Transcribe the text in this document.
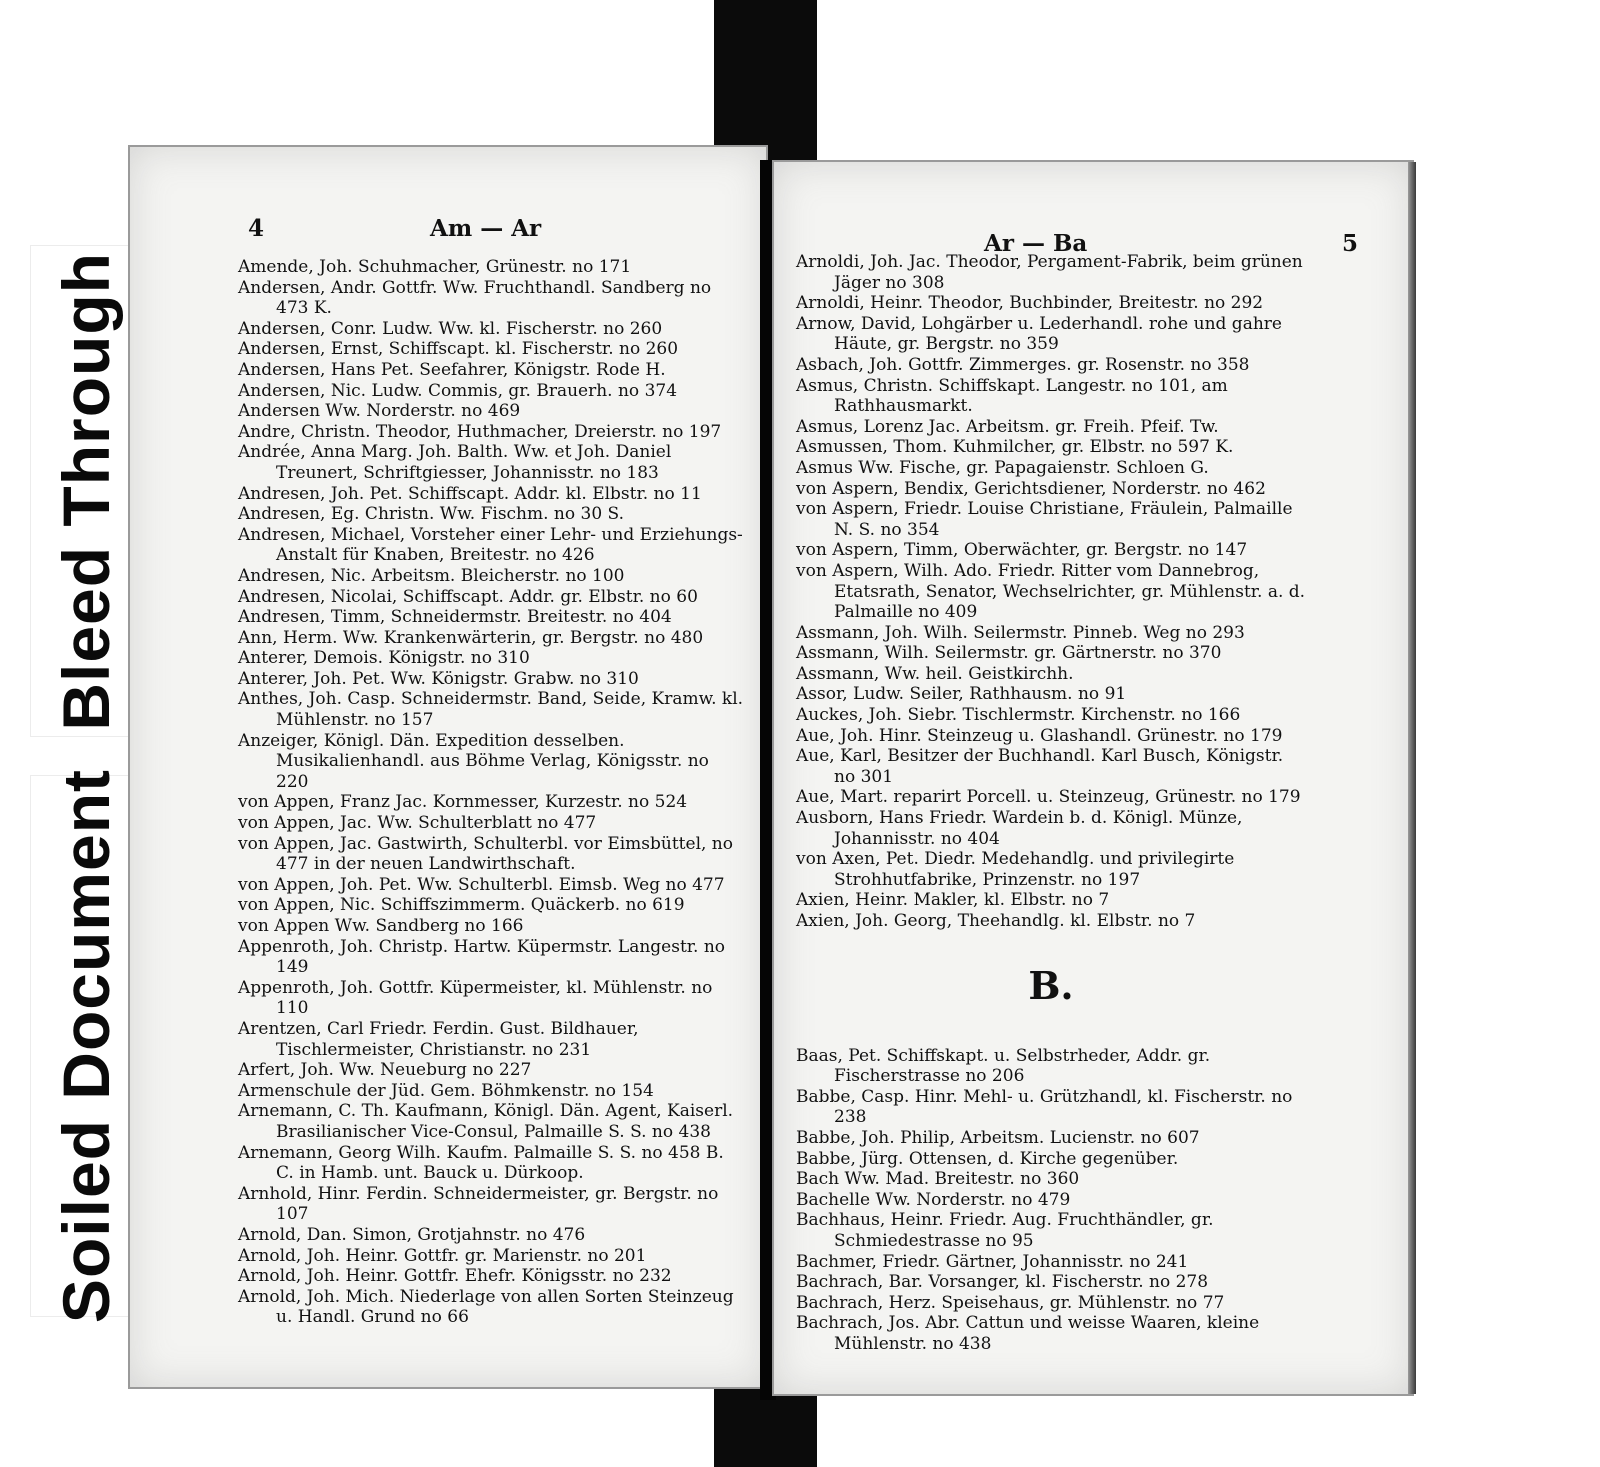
Bleed Through
Soiled Document
4	Am — Ar

Amende, Joh. Schuhmacher, Grünestr. no 171

Andersen, Andr. Gottfr. Ww. Fruchthandl. Sandberg no 473 K.

Andersen, Conr. Ludw. Ww. kl. Fischerstr. no 260

Andersen, Ernst, Schiffscapt. kl. Fischerstr. no 260

Andersen, Hans Pet. Seefahrer, Königstr. Rode H.

Andersen, Nic. Ludw. Commis, gr. Brauerh. no 374

Andersen Ww. Norderstr. no 469

Andre, Christn. Theodor, Huthmacher, Dreierstr. no 197

Andrée, Anna Marg. Joh. Balth. Ww. et Joh. Daniel Treunert, Schriftgiesser, Johannisstr. no 183

Andresen, Joh. Pet. Schiffscapt. Addr. kl. Elbstr. no 11

Andresen, Eg. Christn. Ww. Fischm. no 30 S.

Andresen, Michael, Vorsteher einer Lehr- und Erziehungs-Anstalt für Knaben, Breitestr. no 426

Andresen, Nic. Arbeitsm. Bleicherstr. no 100

Andresen, Nicolai, Schiffscapt. Addr. gr. Elbstr. no 60

Andresen, Timm, Schneidermstr. Breitestr. no 404

Ann, Herm. Ww. Krankenwärterin, gr. Bergstr. no 480

Anterer, Demois. Königstr. no 310

Anterer, Joh. Pet. Ww. Königstr. Grabw. no 310

Anthes, Joh. Casp. Schneidermstr. Band, Seide, Kramw. kl. Mühlenstr. no 157

Anzeiger, Königl. Dän. Expedition desselben. Musikalienhandl. aus Böhme Verlag, Königsstr. no 220

von Appen, Franz Jac. Kornmesser, Kurzestr. no 524

von Appen, Jac. Ww. Schulterblatt no 477

von Appen, Jac. Gastwirth, Schulterbl. vor Eimsbüttel, no 477 in der neuen Landwirthschaft.

von Appen, Joh. Pet. Ww. Schulterbl. Eimsb. Weg no 477

von Appen, Nic. Schiffszimmerm. Quäckerb. no 619

von Appen Ww. Sandberg no 166

Appenroth, Joh. Christp. Hartw. Küpermstr. Langestr. no 149

Appenroth, Joh. Gottfr. Küpermeister, kl. Mühlenstr. no 110

Arentzen, Carl Friedr. Ferdin. Gust. Bildhauer, Tischlermeister, Christianstr. no 231

Arfert, Joh. Ww. Neueburg no 227

Armenschule der Jüd. Gem. Böhmkenstr. no 154

Arnemann, C. Th. Kaufmann, Königl. Dän. Agent, Kaiserl. Brasilianischer Vice-Consul, Palmaille S. S. no 438

Arnemann, Georg Wilh. Kaufm. Palmaille S. S. no 458 B. C. in Hamb. unt. Bauck u. Dürkoop.

Arnhold, Hinr. Ferdin. Schneidermeister, gr. Bergstr. no 107

Arnold, Dan. Simon, Grotjahnstr. no 476

Arnold, Joh. Heinr. Gottfr. gr. Marienstr. no 201

Arnold, Joh. Heinr. Gottfr. Ehefr. Königsstr. no 232

Arnold, Joh. Mich. Niederlage von allen Sorten Steinzeug u. Handl. Grund no 66

Ar — Ba	5

Arnoldi, Joh. Jac. Theodor, Pergament-Fabrik, beim grünen Jäger no 308

Arnoldi, Heinr. Theodor, Buchbinder, Breitestr. no 292

Arnow, David, Lohgärber u. Lederhandl. rohe und gahre Häute, gr. Bergstr. no 359

Asbach, Joh. Gottfr. Zimmerges. gr. Rosenstr. no 358

Asmus, Christn. Schiffskapt. Langestr. no 101, am Rathhausmarkt.

Asmus, Lorenz Jac. Arbeitsm. gr. Freih. Pfeif. Tw.

Asmussen, Thom. Kuhmilcher, gr. Elbstr. no 597 K.

Asmus Ww. Fische, gr. Papagaienstr. Schloen G.

von Aspern, Bendix, Gerichtsdiener, Norderstr. no 462

von Aspern, Friedr. Louise Christiane, Fräulein, Palmaille N. S. no 354

von Aspern, Timm, Oberwächter, gr. Bergstr. no 147

von Aspern, Wilh. Ado. Friedr. Ritter vom Dannebrog, Etatsrath, Senator, Wechselrichter, gr. Mühlenstr. a. d. Palmaille no 409

Assmann, Joh. Wilh. Seilermstr. Pinneb. Weg no 293

Assmann, Wilh. Seilermstr. gr. Gärtnerstr. no 370

Assmann, Ww. heil. Geistkirchh.

Assor, Ludw. Seiler, Rathhausm. no 91

Auckes, Joh. Siebr. Tischlermstr. Kirchenstr. no 166

Aue, Joh. Hinr. Steinzeug u. Glashandl. Grünestr. no 179

Aue, Karl, Besitzer der Buchhandl. Karl Busch, Königstr. no 301

Aue, Mart. reparirt Porcell. u. Steinzeug, Grünestr. no 179

Ausborn, Hans Friedr. Wardein b. d. Königl. Münze, Johannisstr. no 404

von Axen, Pet. Diedr. Medehandlg. und privilegirte Strohhutfabrike, Prinzenstr. no 197

Axien, Heinr. Makler, kl. Elbstr. no 7

Axien, Joh. Georg, Theehandlg. kl. Elbstr. no 7

B.

Baas, Pet. Schiffskapt. u. Selbstrheder, Addr. gr. Fischerstrasse no 206

Babbe, Casp. Hinr. Mehl- u. Grützhandl, kl. Fischerstr. no 238

Babbe, Joh. Philip, Arbeitsm. Lucienstr. no 607

Babbe, Jürg. Ottensen, d. Kirche gegenüber.

Bach Ww. Mad. Breitestr. no 360

Bachelle Ww. Norderstr. no 479

Bachhaus, Heinr. Friedr. Aug. Fruchthändler, gr. Schmiedestrasse no 95

Bachmer, Friedr. Gärtner, Johannisstr. no 241

Bachrach, Bar. Vorsanger, kl. Fischerstr. no 278

Bachrach, Herz. Speisehaus, gr. Mühlenstr. no 77

Bachrach, Jos. Abr. Cattun und weisse Waaren, kleine Mühlenstr. no 438
